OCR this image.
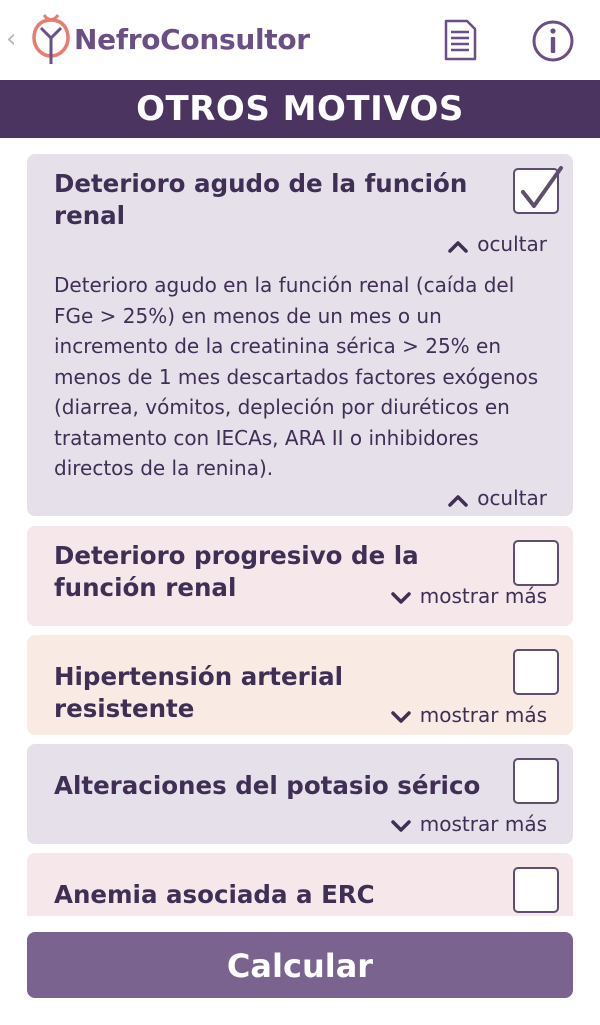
‹ NefroConsultor
OTROS MOTIVOS
Deterioro agudo de la función renal
ocultar
Deterioro agudo en la función renal (caída del FGe > 25%) en menos de un mes o un incremento de la creatinina sérica > 25% en menos de 1 mes descartados factores exógenos (diarrea, vómitos, depleción por diuréticos en tratamento con IECAs, ARA II o inhibidores directos de la renina).
ocultar
Deterioro progresivo de la función renal	mostrar más
Hipertensión arterial resistente	mostrar más
Alteraciones del potasio sérico
mostrar más
Anemia asociada a ERC
Calcular
